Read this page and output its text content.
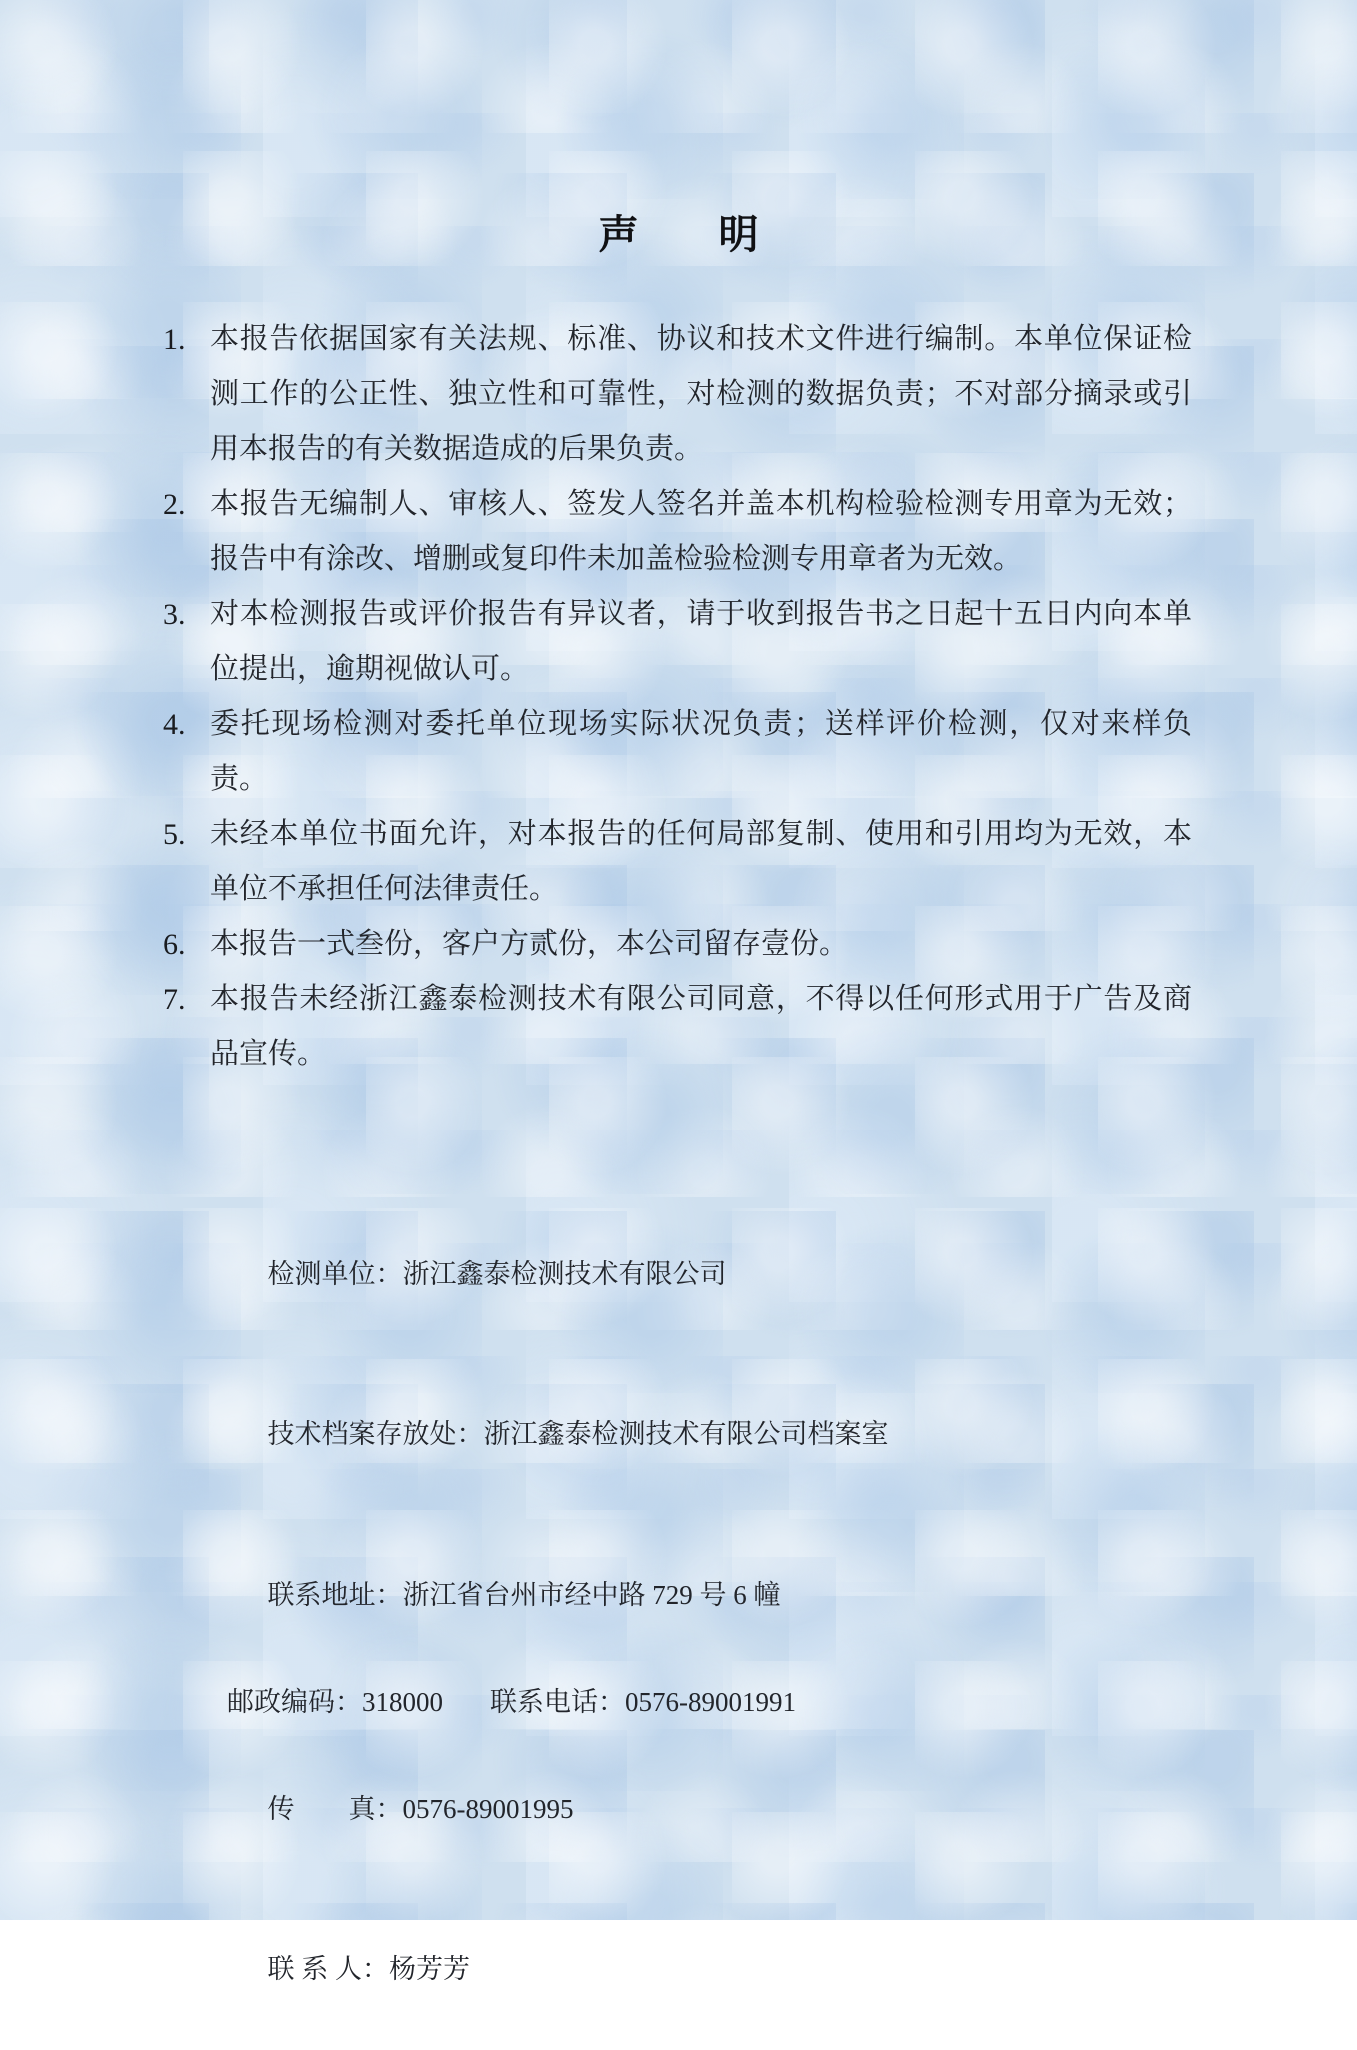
声　　明
1. 本报告依据国家有关法规、标准、协议和技术文件进行编制。本单位保证检测工作的公正性、独立性和可靠性，对检测的数据负责；不对部分摘录或引用本报告的有关数据造成的后果负责。
2. 本报告无编制人、审核人、签发人签名并盖本机构检验检测专用章为无效；报告中有涂改、增删或复印件未加盖检验检测专用章者为无效。
3. 对本检测报告或评价报告有异议者，请于收到报告书之日起十五日内向本单位提出，逾期视做认可。
4. 委托现场检测对委托单位现场实际状况负责；送样评价检测，仅对来样负责。
5. 未经本单位书面允许，对本报告的任何局部复制、使用和引用均为无效，本单位不承担任何法律责任。
6. 本报告一式叁份，客户方贰份，本公司留存壹份。
7. 本报告未经浙江鑫泰检测技术有限公司同意，不得以任何形式用于广告及商品宣传。

检测单位：浙江鑫泰检测技术有限公司

技术档案存放处：浙江鑫泰检测技术有限公司档案室

联系地址：浙江省台州市经中路 729 号 6 幢

邮政编码：318000	联系电话：0576-89001991

传　　真：0576-89001995

联 系 人：杨芳芳
